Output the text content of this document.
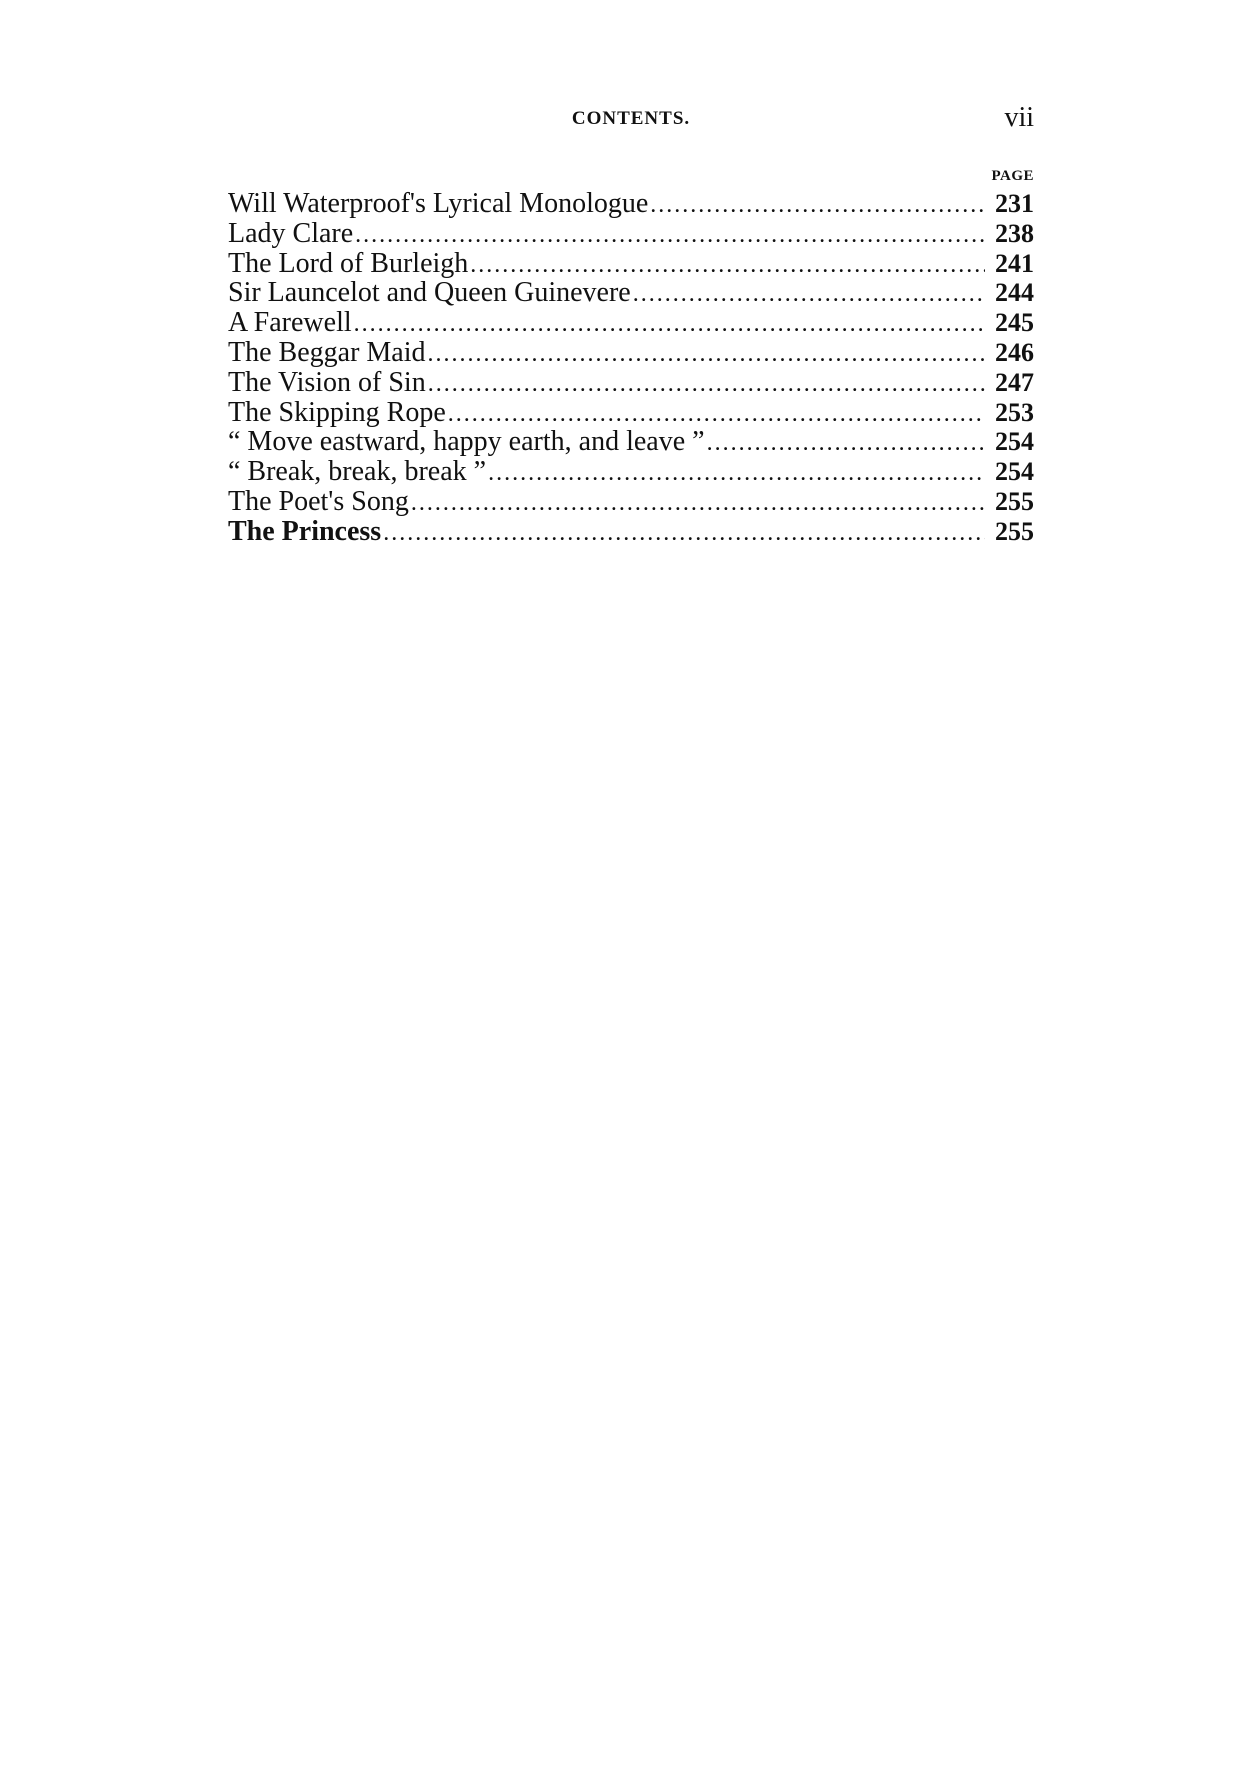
CONTENTS.	vii
PAGE
Will Waterproof's Lyrical Monologue . . .	231
Lady Clare . . .	238
The Lord of Burleigh . . .	241
Sir Launcelot and Queen Guinevere . . .	244
A Farewell . . .	245
The Beggar Maid . . .	246
The Vision of Sin . . .	247
The Skipping Rope . . .	253
“ Move eastward, happy earth, and leave ” . . .	254
“ Break, break, break ” . . .	254
The Poet's Song . . .	255
The Princess . . .	255
